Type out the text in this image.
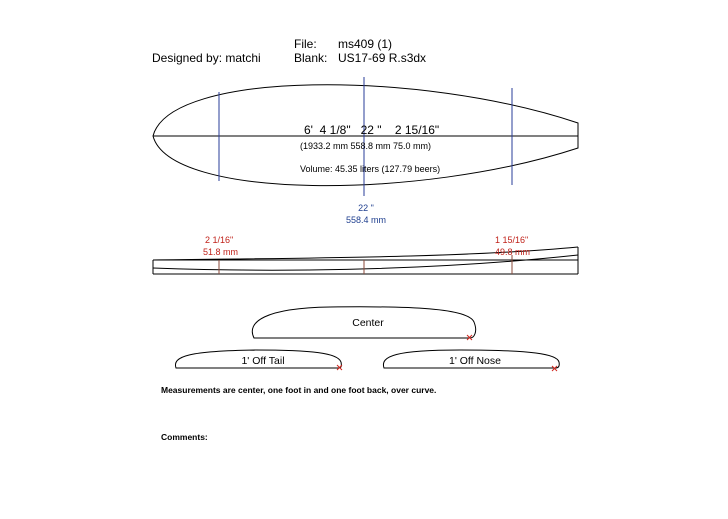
Designed by: matchi
File: ms409 (1)
Blank: US17-69 R.s3dx
6'  4 1/8"   22 "    2 15/16"
(1933.2 mm 558.8 mm 75.0 mm)
Volume: 45.35 liters (127.79 beers)
22 "
558.4 mm
2 1/16"
51.8 mm
1 15/16"
49.8 mm
Center
1' Off Tail	1' Off Nose
Measurements are center, one foot in and one foot back, over curve.
Comments:
